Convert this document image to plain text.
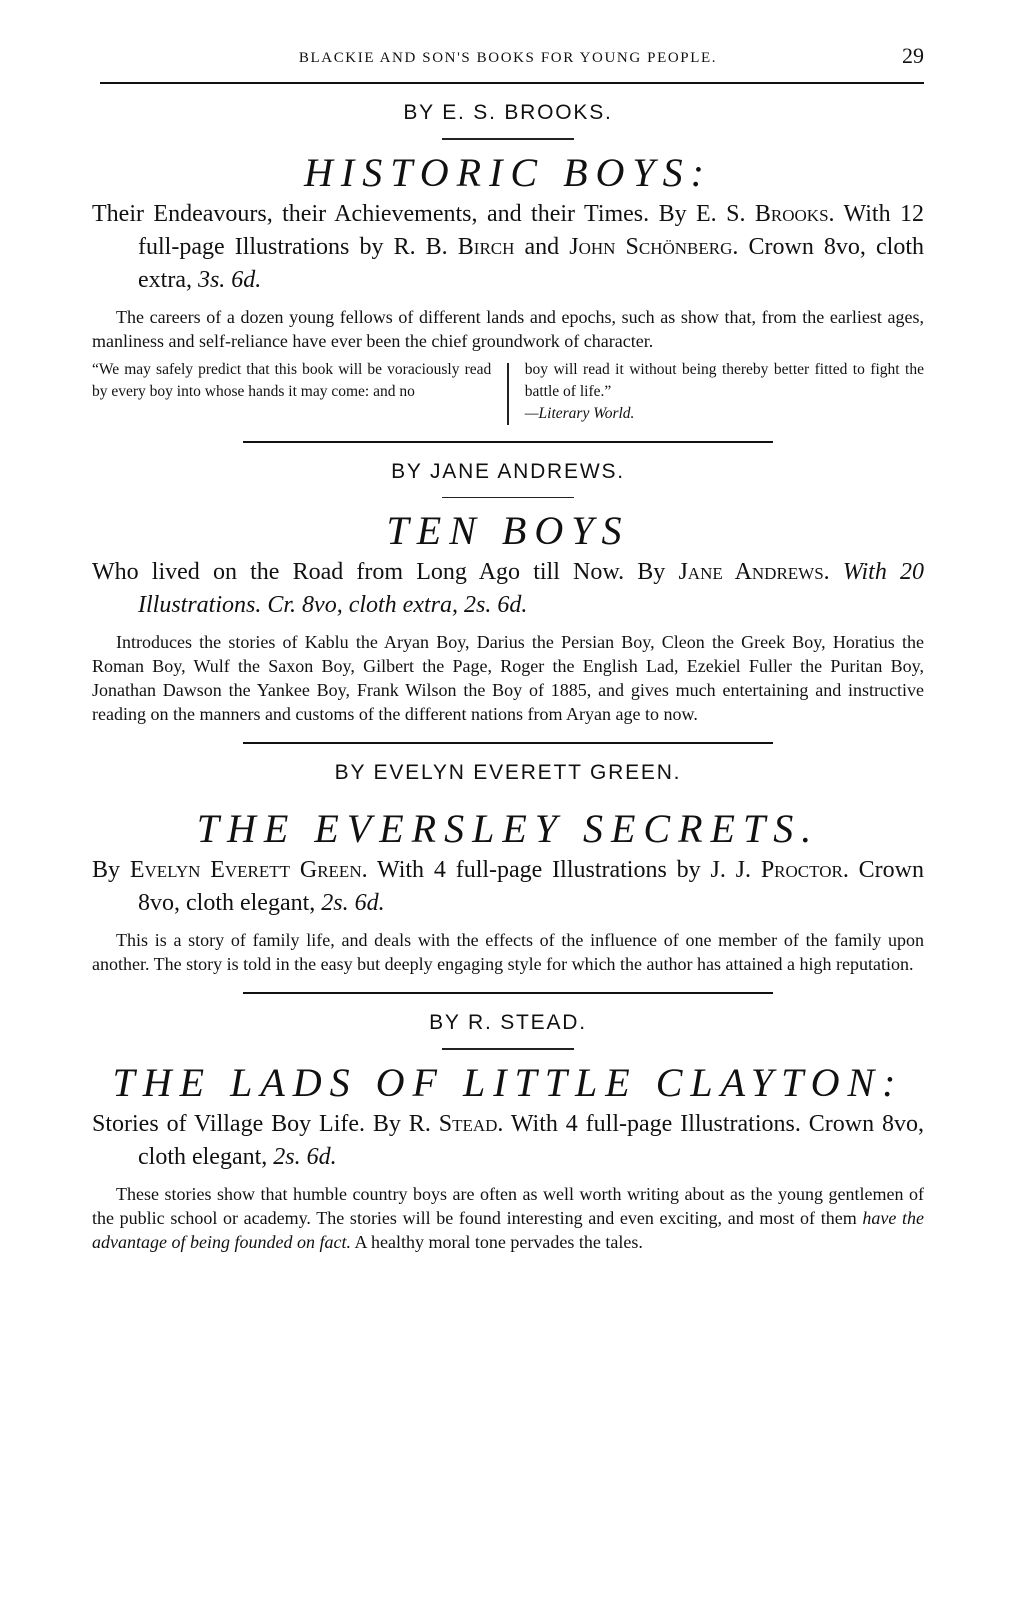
BLACKIE AND SON'S BOOKS FOR YOUNG PEOPLE.	29
BY E. S. BROOKS.
HISTORIC BOYS:

Their Endeavours, their Achievements, and their Times. By E. S. Brooks. With 12 full-page Illustrations by R. B. Birch and John Schönberg. Crown 8vo, cloth extra, 3s. 6d.

The careers of a dozen young fellows of different lands and epochs, such as show that, from the earliest ages, manliness and self-reliance have ever been the chief groundwork of character.

“We may safely predict that this book will be voraciously read by every boy into whose hands it may come: and no
boy will read it without being thereby better fitted to fight the battle of life.”
—Literary World.
BY JANE ANDREWS.
TEN BOYS

Who lived on the Road from Long Ago till Now. By Jane Andrews. With 20 Illustrations. Cr. 8vo, cloth extra, 2s. 6d.

Introduces the stories of Kablu the Aryan Boy, Darius the Persian Boy, Cleon the Greek Boy, Horatius the Roman Boy, Wulf the Saxon Boy, Gilbert the Page, Roger the English Lad, Ezekiel Fuller the Puritan Boy, Jonathan Dawson the Yankee Boy, Frank Wilson the Boy of 1885, and gives much entertaining and instructive reading on the manners and customs of the different nations from Aryan age to now.

BY EVELYN EVERETT GREEN.
THE EVERSLEY SECRETS.

By Evelyn Everett Green. With 4 full-page Illustrations by J. J. Proctor. Crown 8vo, cloth elegant, 2s. 6d.

This is a story of family life, and deals with the effects of the influence of one member of the family upon another. The story is told in the easy but deeply engaging style for which the author has attained a high reputation.

BY R. STEAD.
THE LADS OF LITTLE CLAYTON:

Stories of Village Boy Life. By R. Stead. With 4 full-page Illustrations. Crown 8vo, cloth elegant, 2s. 6d.

These stories show that humble country boys are often as well worth writing about as the young gentlemen of the public school or academy. The stories will be found interesting and even exciting, and most of them have the advantage of being founded on fact. A healthy moral tone pervades the tales.
